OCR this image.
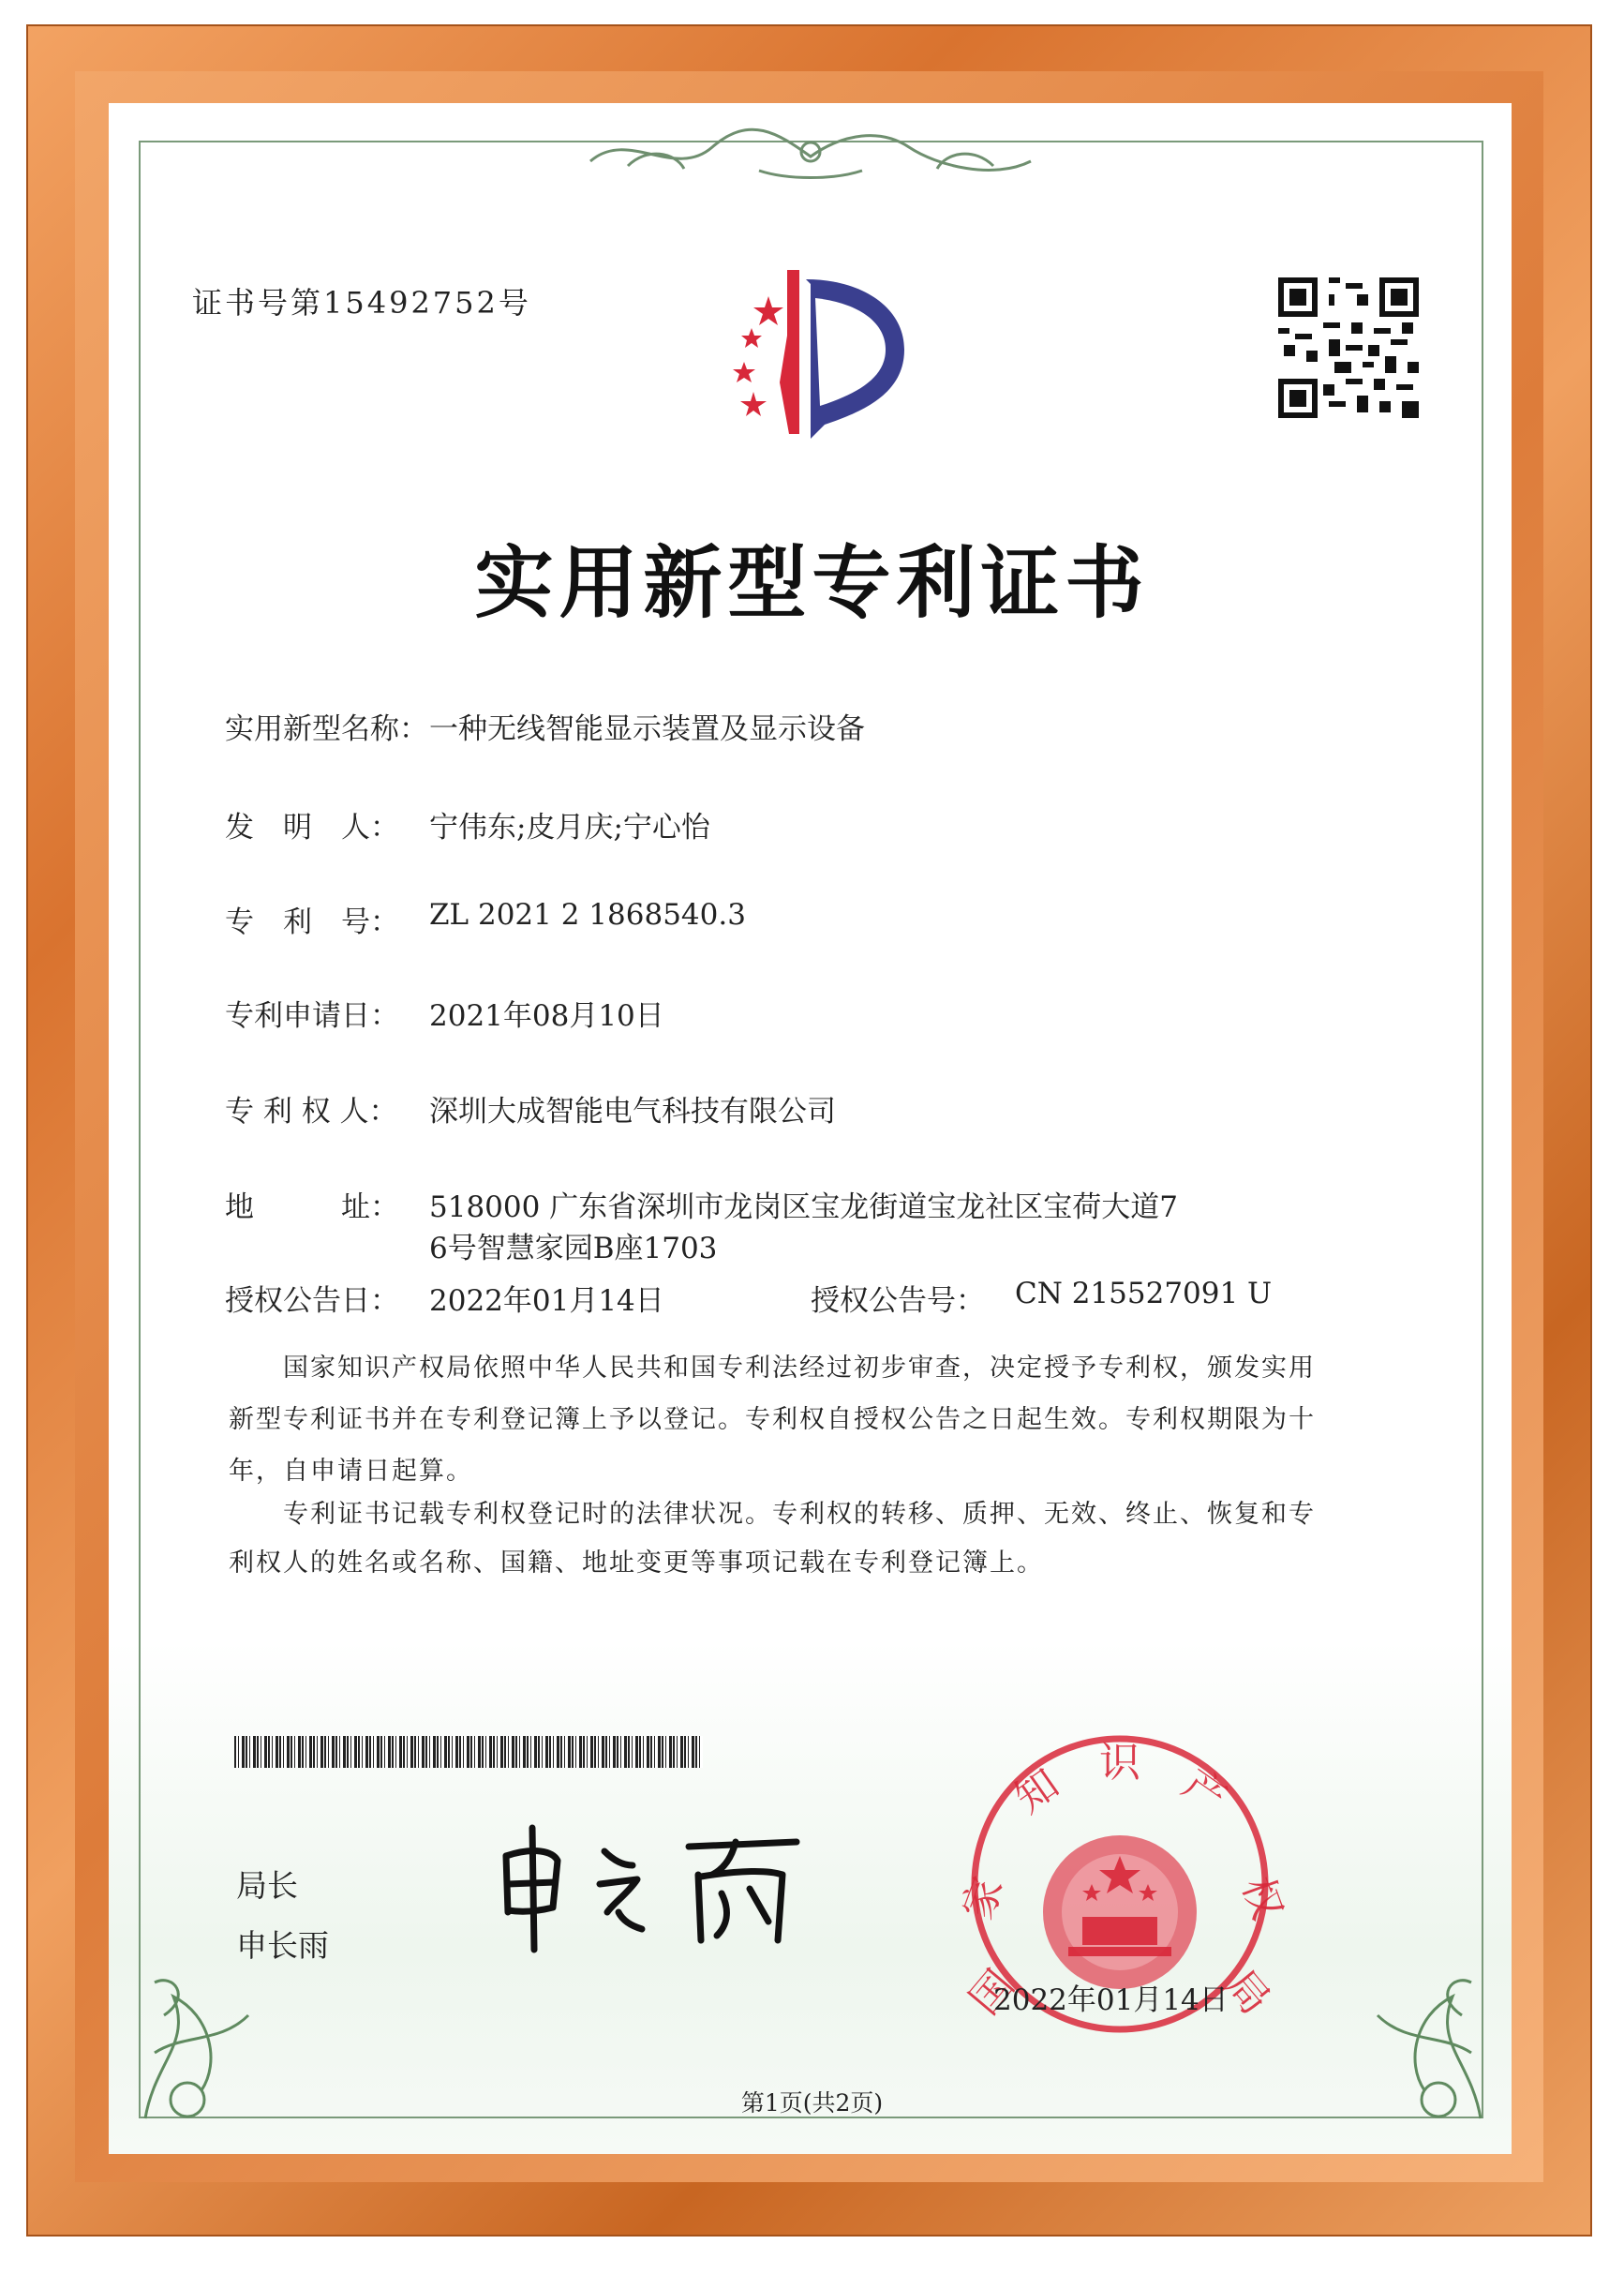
证书号第15492752号
实用新型专利证书
实用新型名称： 一种无线智能显示装置及显示设备
发　明　人： 宁伟东;皮月庆;宁心怡
专　利　号： ZL 2021 2 1868540.3
专利申请日： 2021年08月10日
专 利 权 人： 深圳大成智能电气科技有限公司
地　　　址： 518000 广东省深圳市龙岗区宝龙街道宝龙社区宝荷大道7
6号智慧家园B座1703
授权公告日： 2022年01月14日	授权公告号： CN 215527091 U
国家知识产权局依照中华人民共和国专利法经过初步审查，决定授予专利权，颁发实用
新型专利证书并在专利登记簿上予以登记。专利权自授权公告之日起生效。专利权期限为十
年，自申请日起算。
专利证书记载专利权登记时的法律状况。专利权的转移、质押、无效、终止、恢复和专
利权人的姓名或名称、国籍、地址变更等事项记载在专利登记簿上。
局长
申长雨
国
家
知 识 产
权
局
2022年01月14日
第1页(共2页)
